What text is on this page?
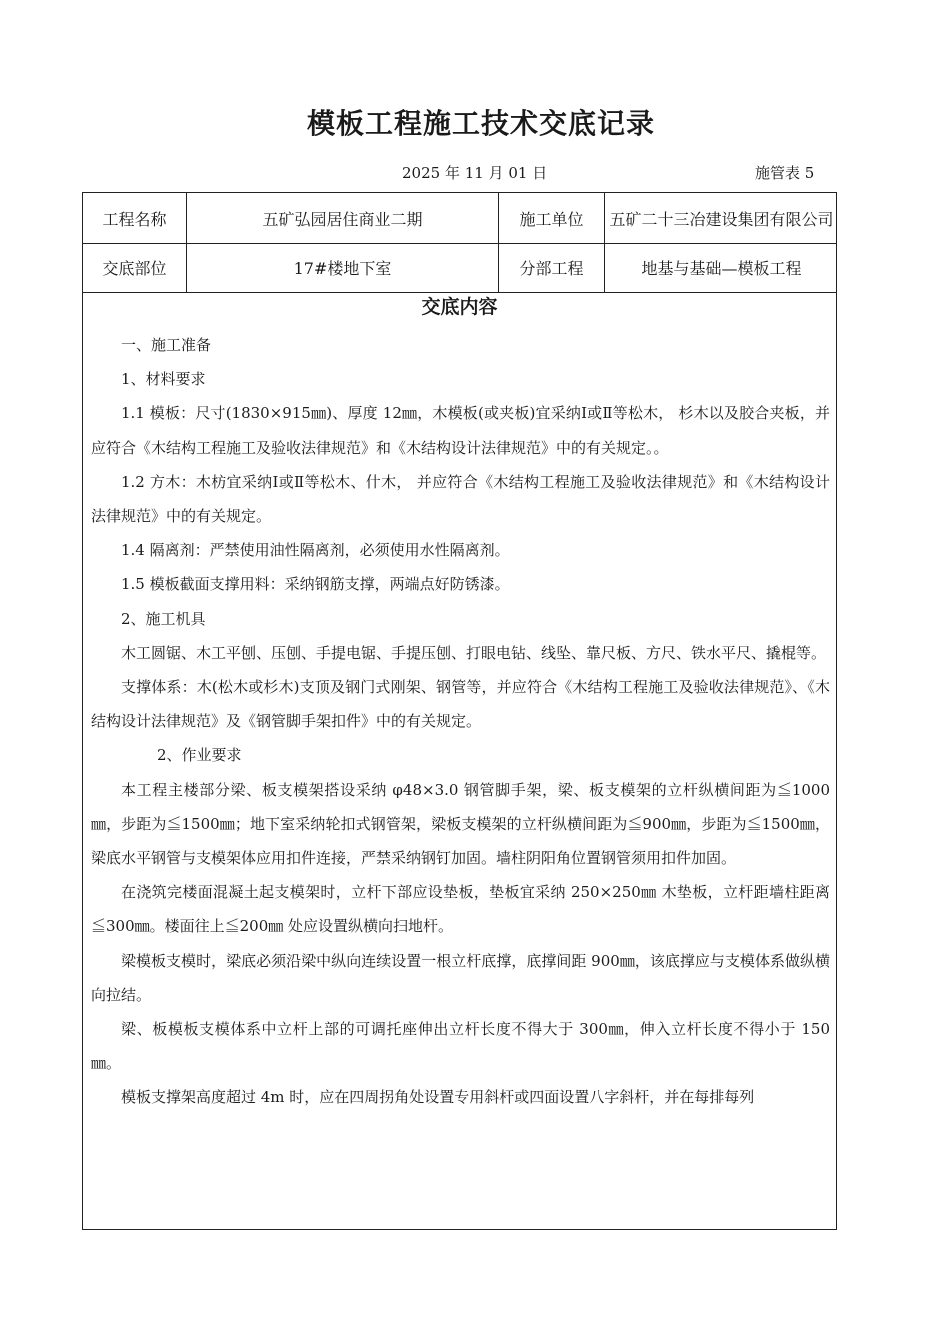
模板工程施工技术交底记录
2025 年 11 月 01 日	施管表 5
工程名称	五矿弘园居住商业二期	施工单位	五矿二十三冶建设集团有限公司
交底部位	17#楼地下室	分部工程	地基与基础—模板工程
交底内容

一、施工准备

1、材料要求

1.1 模板：尺寸(1830×915㎜)、厚度 12㎜，木模板(或夹板)宜采纳Ⅰ或Ⅱ等松木， 杉木以及胶合夹板，并应符合《木结构工程施工及验收法律规范》和《木结构设计法律规范》中的有关规定。。

1.2 方木：木枋宜采纳Ⅰ或Ⅱ等松木、什木， 并应符合《木结构工程施工及验收法律规范》和《木结构设计法律规范》中的有关规定。

1.4 隔离剂：严禁使用油性隔离剂，必须使用水性隔离剂。

1.5 模板截面支撑用料：采纳钢筋支撑，两端点好防锈漆。

2、施工机具

木工圆锯、木工平刨、压刨、手提电锯、手提压刨、打眼电钻、线坠、靠尺板、方尺、铁水平尺、撬棍等。

支撑体系：木(松木或杉木)支顶及钢门式刚架、钢管等，并应符合《木结构工程施工及验收法律规范》、《木结构设计法律规范》及《钢管脚手架扣件》中的有关规定。

2、作业要求

本工程主楼部分梁、板支模架搭设采纳 φ48×3.0 钢管脚手架，梁、板支模架的立杆纵横间距为≦1000㎜，步距为≦1500㎜；地下室采纳轮扣式钢管架，梁板支模架的立杆纵横间距为≦900㎜，步距为≦1500㎜，梁底水平钢管与支模架体应用扣件连接，严禁采纳钢钉加固。墙柱阴阳角位置钢管须用扣件加固。

在浇筑完楼面混凝土起支模架时，立杆下部应设垫板，垫板宜采纳 250×250㎜ 木垫板，立杆距墙柱距离≦300㎜。楼面往上≦200㎜ 处应设置纵横向扫地杆。

梁模板支模时，梁底必须沿梁中纵向连续设置一根立杆底撑，底撑间距 900㎜，该底撑应与支模体系做纵横向拉结。

梁、板模板支模体系中立杆上部的可调托座伸出立杆长度不得大于 300㎜，伸入立杆长度不得小于 150㎜。

模板支撑架高度超过 4m 时，应在四周拐角处设置专用斜杆或四面设置八字斜杆，并在每排每列
